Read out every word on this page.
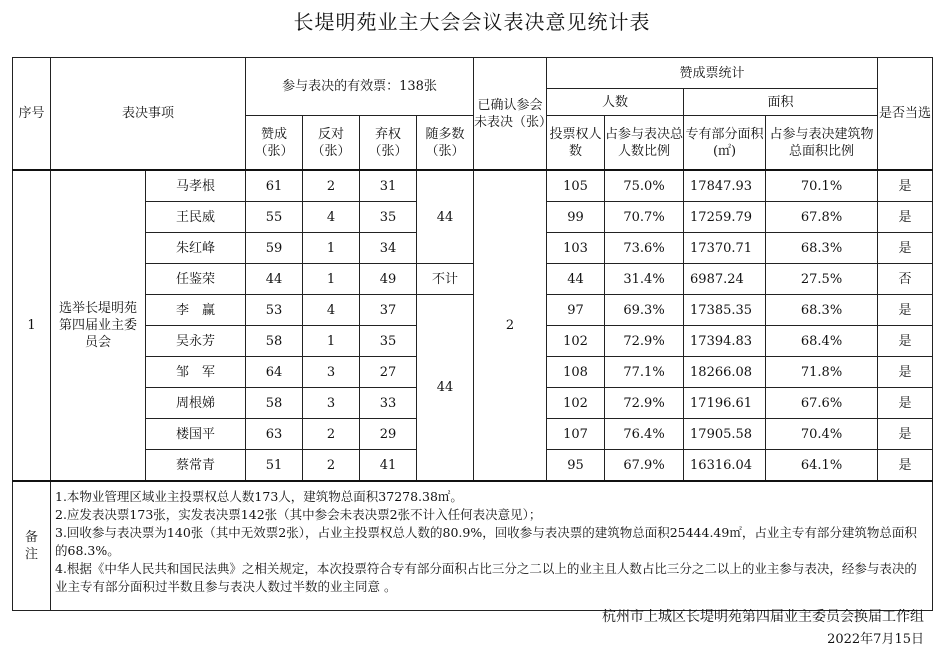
长堤明苑业主大会会议表决意见统计表
序号	表决事项		参与表决的有效票：138张				已确认参会未表决（张）	赞成票统计				是否当选
								人数		面积		
			赞成（张）	反对（张）	弃权（张）	随多数（张）		投票权人数	占参与表决总人数比例	专有部分面积(㎡)	占参与表决建筑物总面积比例	
1	选举长堤明苑第四届业主委员会	马孝根	61	2	31	44	2	105	75.0%	17847.93	70.1%	是
		王民威	55	4	35			99	70.7%	17259.79	67.8%	是
		朱红峰	59	1	34			103	73.6%	17370.71	68.3%	是
		任鉴荣	44	1	49	不计		44	31.4%	6987.24	27.5%	否
		李　赢	53	4	37	44		97	69.3%	17385.35	68.3%	是
		吴永芳	58	1	35			102	72.9%	17394.83	68.4%	是
		邹　军	64	3	27			108	77.1%	18266.08	71.8%	是
		周根娣	58	3	33			102	72.9%	17196.61	67.6%	是
		楼国平	63	2	29			107	76.4%	17905.58	70.4%	是
		蔡常青	51	2	41			95	67.9%	16316.04	64.1%	是
备注	1.本物业管理区域业主投票权总人数173人，建筑物总面积37278.38㎡。
2.应发表决票173张，实发表决票142张（其中参会未表决票2张不计入任何表决意见）；
3.回收参与表决票为140张（其中无效票2张），占业主投票权总人数的80.9%，回收参与表决票的建筑物总面积25444.49㎡，占业主专有部分建筑物总面积的68.3%。
4.根据《中华人民共和国民法典》之相关规定，本次投票符合专有部分面积占比三分之二以上的业主且人数占比三分之二以上的业主参与表决，经参与表决的业主专有部分面积过半数且参与表决人数过半数的业主同意 。											
杭州市上城区长堤明苑第四届业主委员会换届工作组
2022年7月15日
